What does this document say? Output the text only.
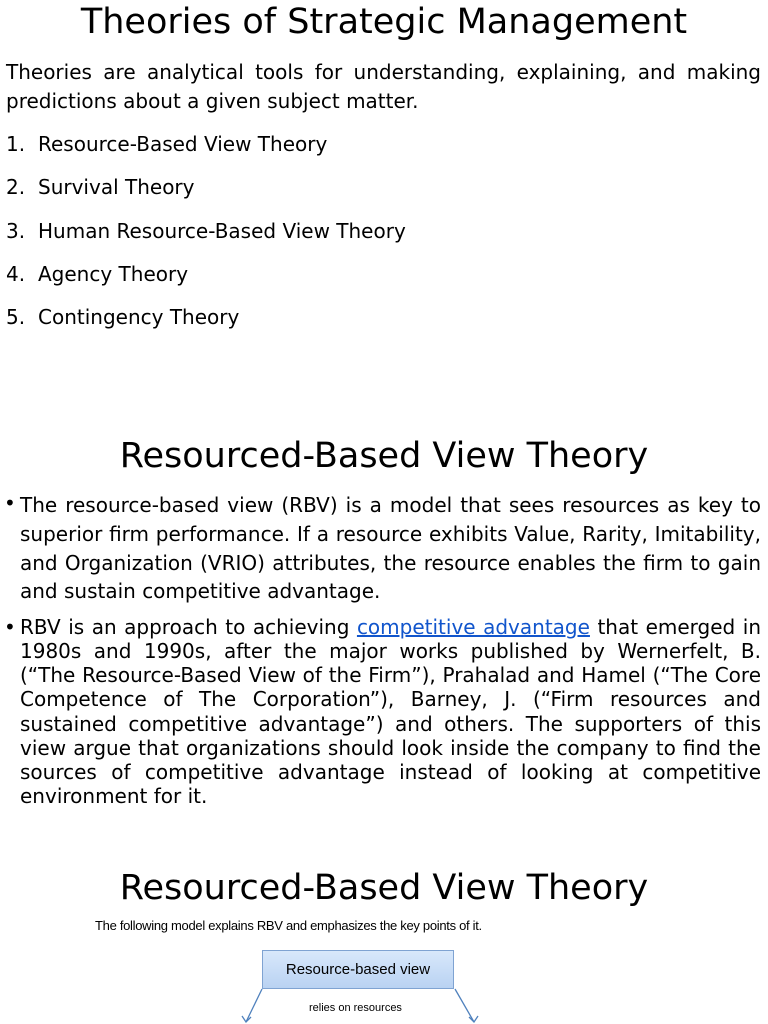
Theories of Strategic Management

Theories are analytical tools for understanding, explaining, and making predictions about a given subject matter.

1. Resource-Based View Theory
2. Survival Theory
3. Human Resource-Based View Theory
4. Agency Theory
5. Contingency Theory
Resourced-Based View Theory
• The resource-based view (RBV) is a model that sees resources as key to superior firm performance. If a resource exhibits Value, Rarity, Imitability, and Organization (VRIO) attributes, the resource enables the firm to gain and sustain competitive advantage.
• RBV is an approach to achieving competitive advantage that emerged in 1980s and 1990s, after the major works published by Wernerfelt, B. (“The Resource-Based View of the Firm”), Prahalad and Hamel (“The Core Competence of The Corporation”), Barney, J. (“Firm resources and sustained competitive advantage”) and others. The supporters of this view argue that organizations should look inside the company to find the sources of competitive advantage instead of looking at competitive environment for it.
Resourced-Based View Theory
The following model explains RBV and emphasizes the key points of it.
Resource-based view
relies on resources
